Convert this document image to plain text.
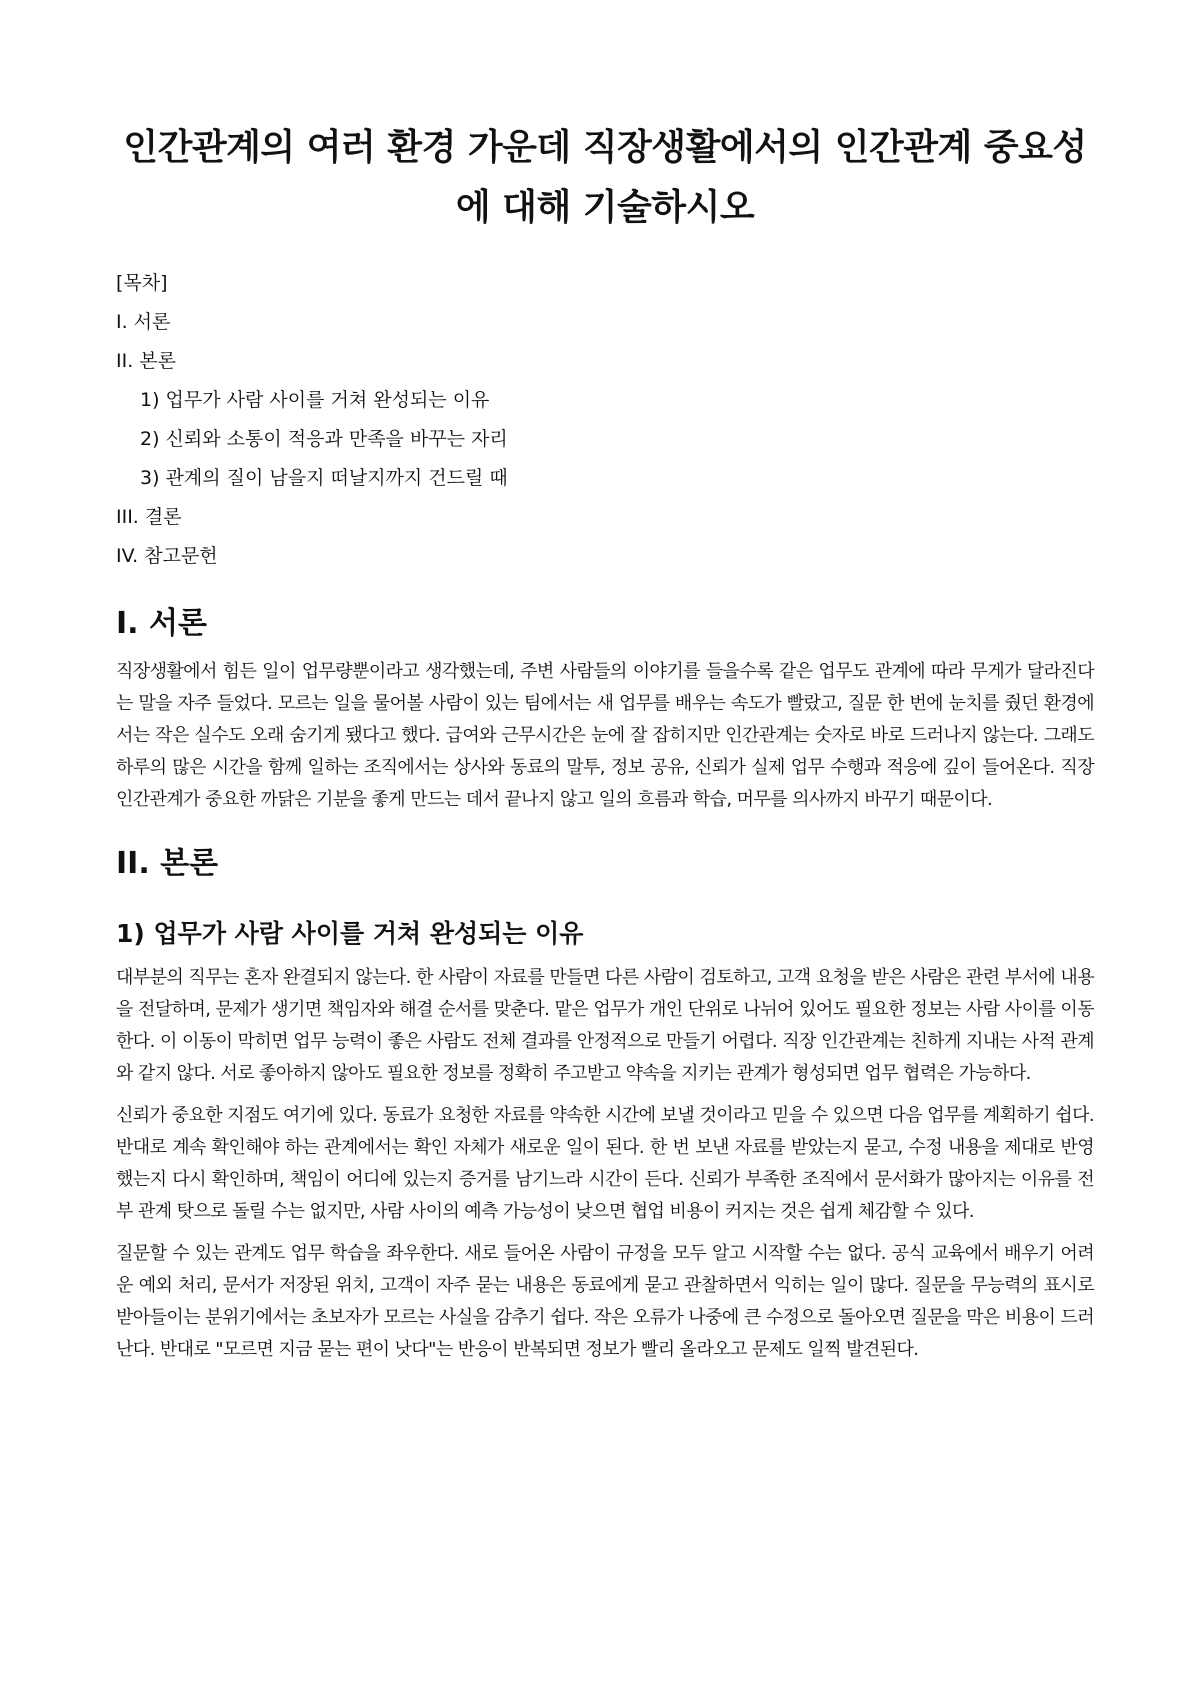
인간관계의 여러 환경 가운데 직장생활에서의 인간관계 중요성에 대해 기술하시오
[목차]
I. 서론
II. 본론
1) 업무가 사람 사이를 거쳐 완성되는 이유
2) 신뢰와 소통이 적응과 만족을 바꾸는 자리
3) 관계의 질이 남을지 떠날지까지 건드릴 때
III. 결론
IV. 참고문헌
I. 서론

직장생활에서 힘든 일이 업무량뿐이라고 생각했는데, 주변 사람들의 이야기를 들을수록 같은 업무도 관계에 따라 무게가 달라진다는 말을 자주 들었다. 모르는 일을 물어볼 사람이 있는 팀에서는 새 업무를 배우는 속도가 빨랐고, 질문 한 번에 눈치를 줬던 환경에서는 작은 실수도 오래 숨기게 됐다고 했다. 급여와 근무시간은 눈에 잘 잡히지만 인간관계는 숫자로 바로 드러나지 않는다. 그래도 하루의 많은 시간을 함께 일하는 조직에서는 상사와 동료의 말투, 정보 공유, 신뢰가 실제 업무 수행과 적응에 깊이 들어온다. 직장 인간관계가 중요한 까닭은 기분을 좋게 만드는 데서 끝나지 않고 일의 흐름과 학습, 머무를 의사까지 바꾸기 때문이다.

II. 본론
1) 업무가 사람 사이를 거쳐 완성되는 이유

대부분의 직무는 혼자 완결되지 않는다. 한 사람이 자료를 만들면 다른 사람이 검토하고, 고객 요청을 받은 사람은 관련 부서에 내용을 전달하며, 문제가 생기면 책임자와 해결 순서를 맞춘다. 맡은 업무가 개인 단위로 나뉘어 있어도 필요한 정보는 사람 사이를 이동한다. 이 이동이 막히면 업무 능력이 좋은 사람도 전체 결과를 안정적으로 만들기 어렵다. 직장 인간관계는 친하게 지내는 사적 관계와 같지 않다. 서로 좋아하지 않아도 필요한 정보를 정확히 주고받고 약속을 지키는 관계가 형성되면 업무 협력은 가능하다.

신뢰가 중요한 지점도 여기에 있다. 동료가 요청한 자료를 약속한 시간에 보낼 것이라고 믿을 수 있으면 다음 업무를 계획하기 쉽다. 반대로 계속 확인해야 하는 관계에서는 확인 자체가 새로운 일이 된다. 한 번 보낸 자료를 받았는지 묻고, 수정 내용을 제대로 반영했는지 다시 확인하며, 책임이 어디에 있는지 증거를 남기느라 시간이 든다. 신뢰가 부족한 조직에서 문서화가 많아지는 이유를 전부 관계 탓으로 돌릴 수는 없지만, 사람 사이의 예측 가능성이 낮으면 협업 비용이 커지는 것은 쉽게 체감할 수 있다.

질문할 수 있는 관계도 업무 학습을 좌우한다. 새로 들어온 사람이 규정을 모두 알고 시작할 수는 없다. 공식 교육에서 배우기 어려운 예외 처리, 문서가 저장된 위치, 고객이 자주 묻는 내용은 동료에게 묻고 관찰하면서 익히는 일이 많다. 질문을 무능력의 표시로 받아들이는 분위기에서는 초보자가 모르는 사실을 감추기 쉽다. 작은 오류가 나중에 큰 수정으로 돌아오면 질문을 막은 비용이 드러난다. 반대로 "모르면 지금 묻는 편이 낫다"는 반응이 반복되면 정보가 빨리 올라오고 문제도 일찍 발견된다.
